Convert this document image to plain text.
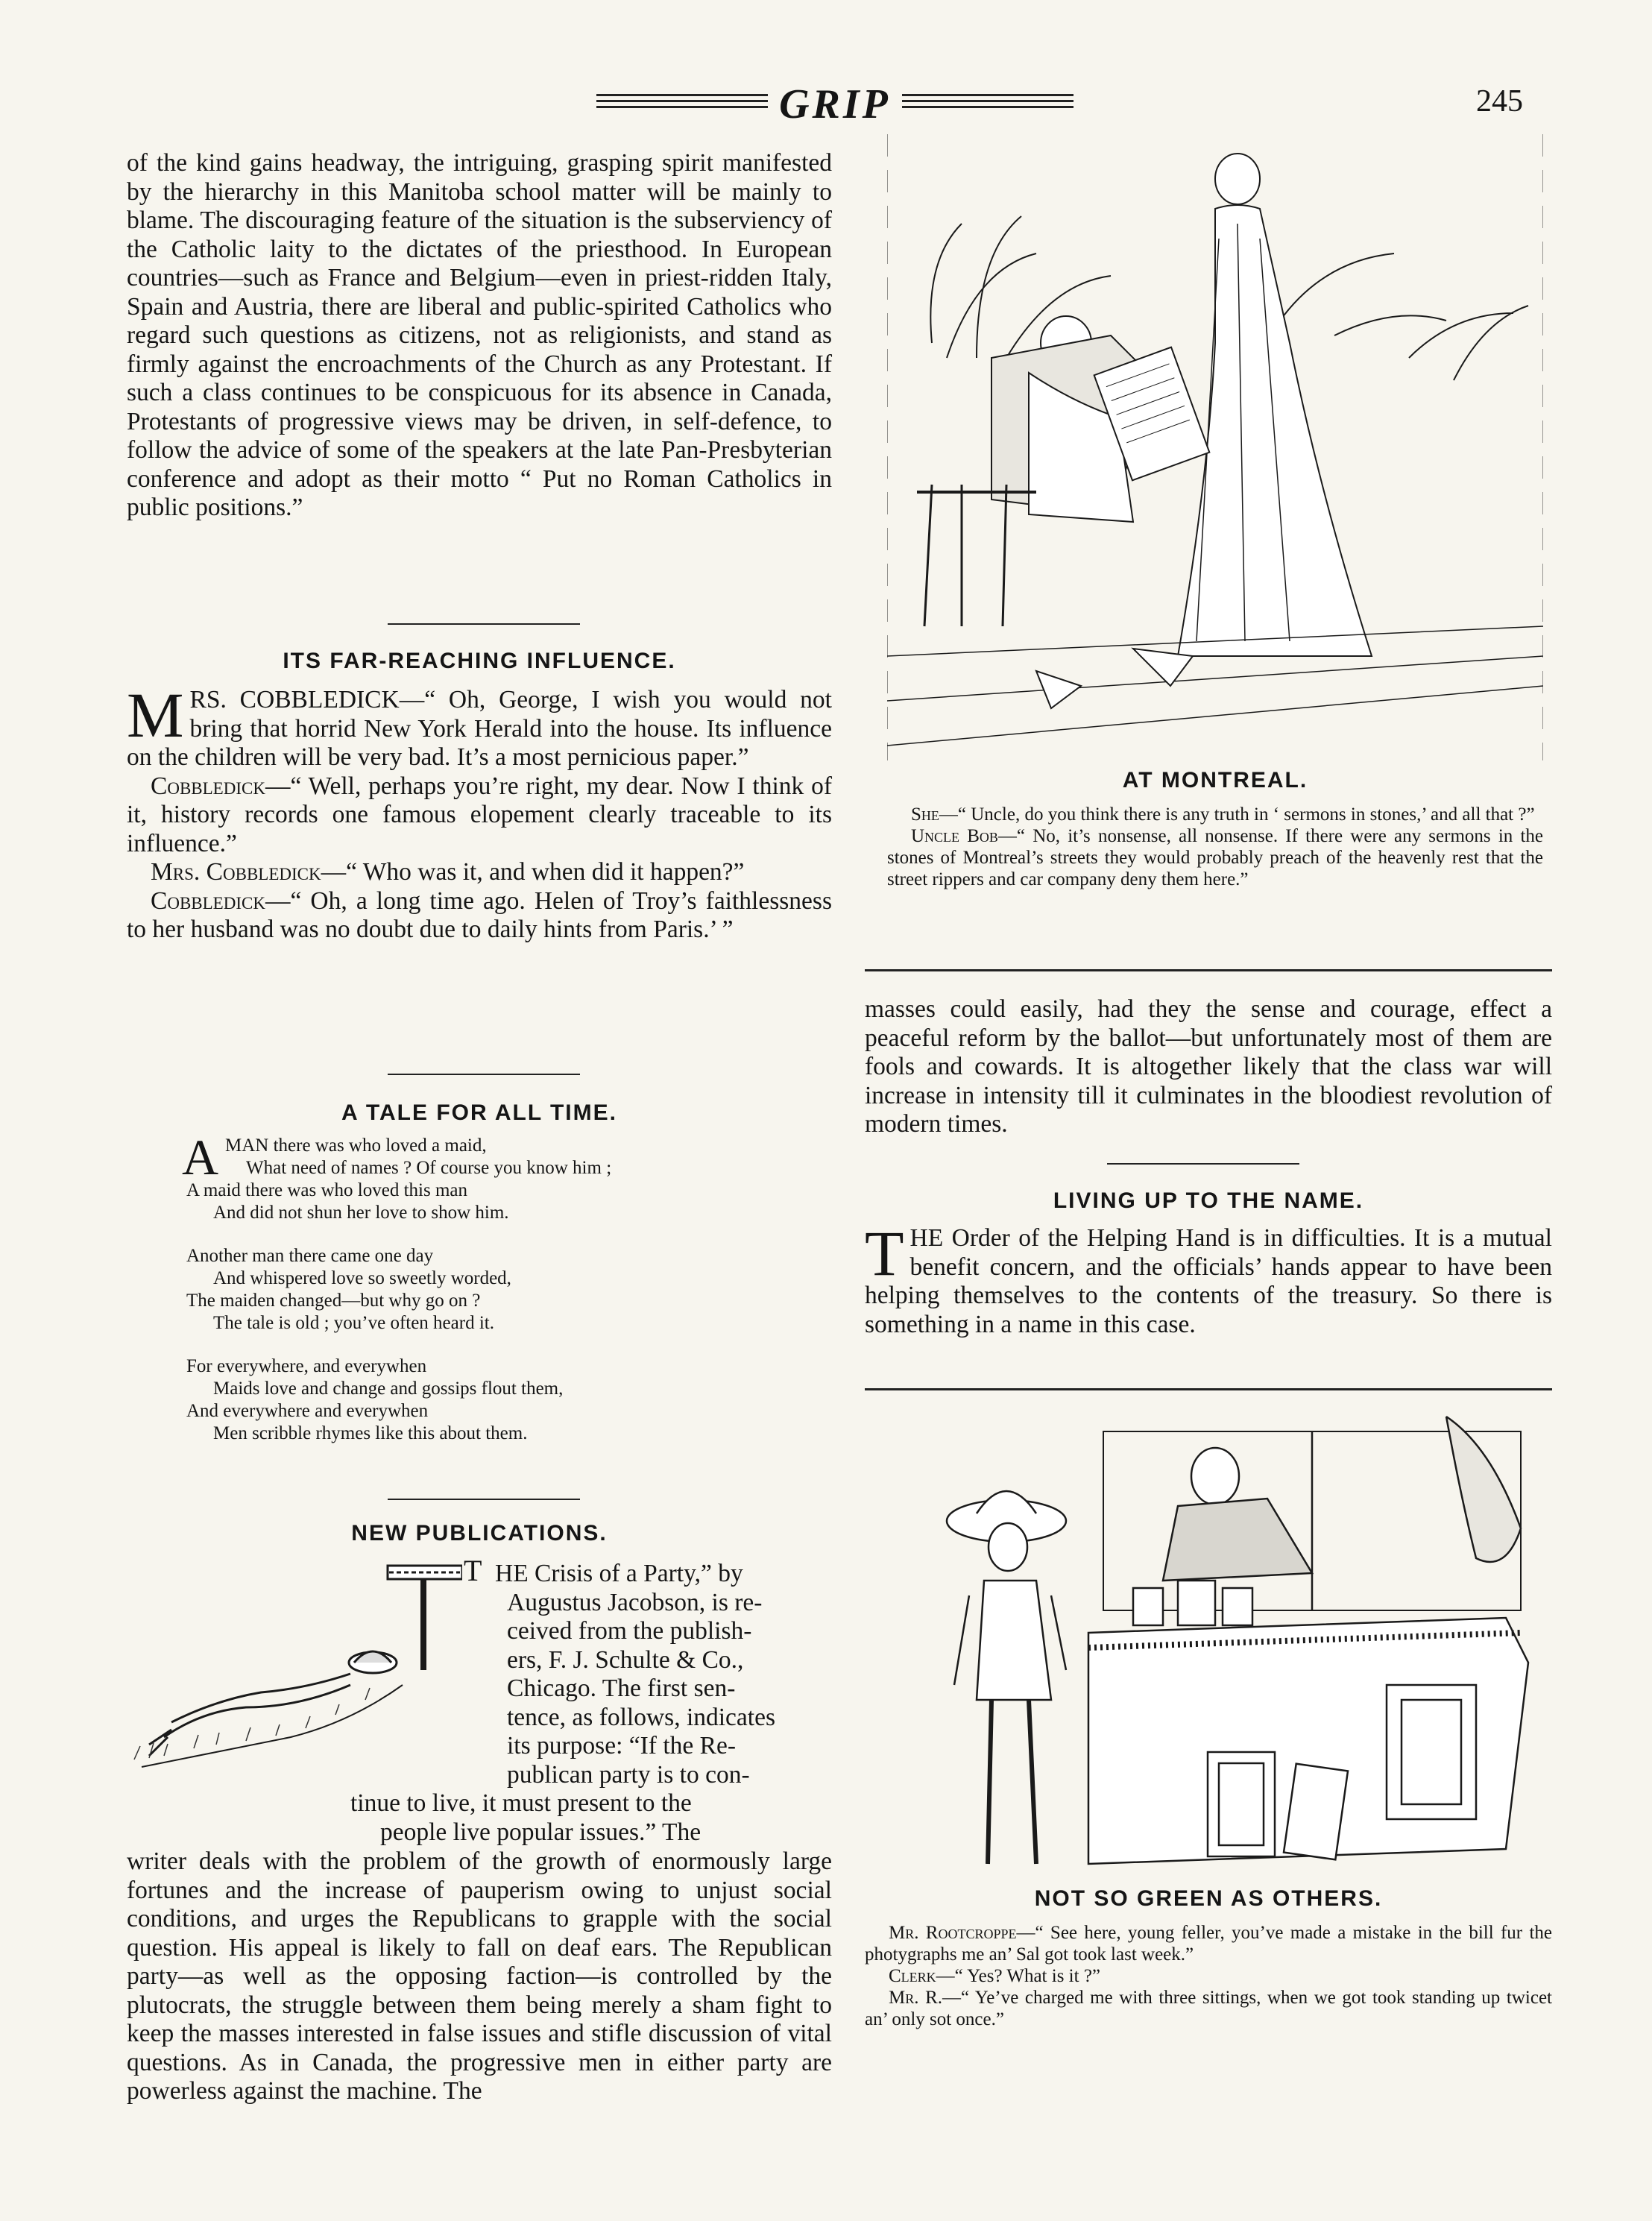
GRIP	245

of the kind gains headway, the intriguing, grasping spirit manifested by the hierarchy in this Manitoba school matter will be mainly to blame. The discouraging feature of the situation is the subserviency of the Catholic laity to the dictates of the priesthood. In European countries—such as France and Belgium—even in priest-ridden Italy, Spain and Austria, there are liberal and public-spirited Catholics who regard such questions as citizens, not as religionists, and stand as firmly against the encroachments of the Church as any Protestant. If such a class continues to be conspicuous for its absence in Canada, Protestants of progressive views may be driven, in self-defence, to follow the advice of some of the speakers at the late Pan-Presbyterian conference and adopt as their motto “ Put no Roman Catholics in public positions.”

ITS FAR-REACHING INFLUENCE.

MRS. COBBLEDICK—“ Oh, George, I wish you would not bring that horrid New York Herald into the house. Its influence on the children will be very bad. It’s a most pernicious paper.”

Cobbledick—“ Well, perhaps you’re right, my dear. Now I think of it, history records one famous elopement clearly traceable to its influence.”

Mrs. Cobbledick—“ Who was it, and when did it happen?”

Cobbledick—“ Oh, a long time ago. Helen of Troy’s faithlessness to her husband was no doubt due to daily hints from Paris.’ ”

A TALE FOR ALL TIME.
A MAN there was who loved a maid,
What need of names ? Of course you know him ;
A maid there was who loved this man
And did not shun her love to show him.
Another man there came one day
And whispered love so sweetly worded,
The maiden changed—but why go on ?
The tale is old ; you’ve often heard it.
For everywhere, and everywhen
Maids love and change and gossips flout them,
And everywhere and everywhen
Men scribble rhymes like this about them.
NEW PUBLICATIONS.
T HE Crisis of a Party,” by
Augustus Jacobson, is re-
ceived from the publish-
ers, F. J. Schulte & Co.,
Chicago. The first sen-
tence, as follows, indicates
its purpose: “If the Re-
publican party is to con-
tinue to live, it must present to the
people live popular issues.” The

writer deals with the problem of the growth of enormously large fortunes and the increase of pauperism owing to unjust social conditions, and urges the Republicans to grapple with the social question. His appeal is likely to fall on deaf ears. The Republican party—as well as the opposing faction—is controlled by the plutocrats, the struggle between them being merely a sham fight to keep the masses interested in false issues and stifle discussion of vital questions. As in Canada, the progressive men in either party are powerless against the machine. The

AT MONTREAL.

She—“ Uncle, do you think there is any truth in ‘ sermons in stones,’ and all that ?”

Uncle Bob—“ No, it’s nonsense, all nonsense. If there were any sermons in the stones of Montreal’s streets they would probably preach of the heavenly rest that the street rippers and car company deny them here.”

masses could easily, had they the sense and courage, effect a peaceful reform by the ballot—but unfortunately most of them are fools and cowards. It is altogether likely that the class war will increase in intensity till it culminates in the bloodiest revolution of modern times.

LIVING UP TO THE NAME.

THE Order of the Helping Hand is in difficulties. It is a mutual benefit concern, and the officials’ hands appear to have been helping themselves to the contents of the treasury. So there is something in a name in this case.

NOT SO GREEN AS OTHERS.

Mr. Rootcroppe—“ See here, young feller, you’ve made a mistake in the bill fur the photygraphs me an’ Sal got took last week.”

Clerk—“ Yes? What is it ?”

Mr. R.—“ Ye’ve charged me with three sittings, when we got took standing up twicet an’ only sot once.”
